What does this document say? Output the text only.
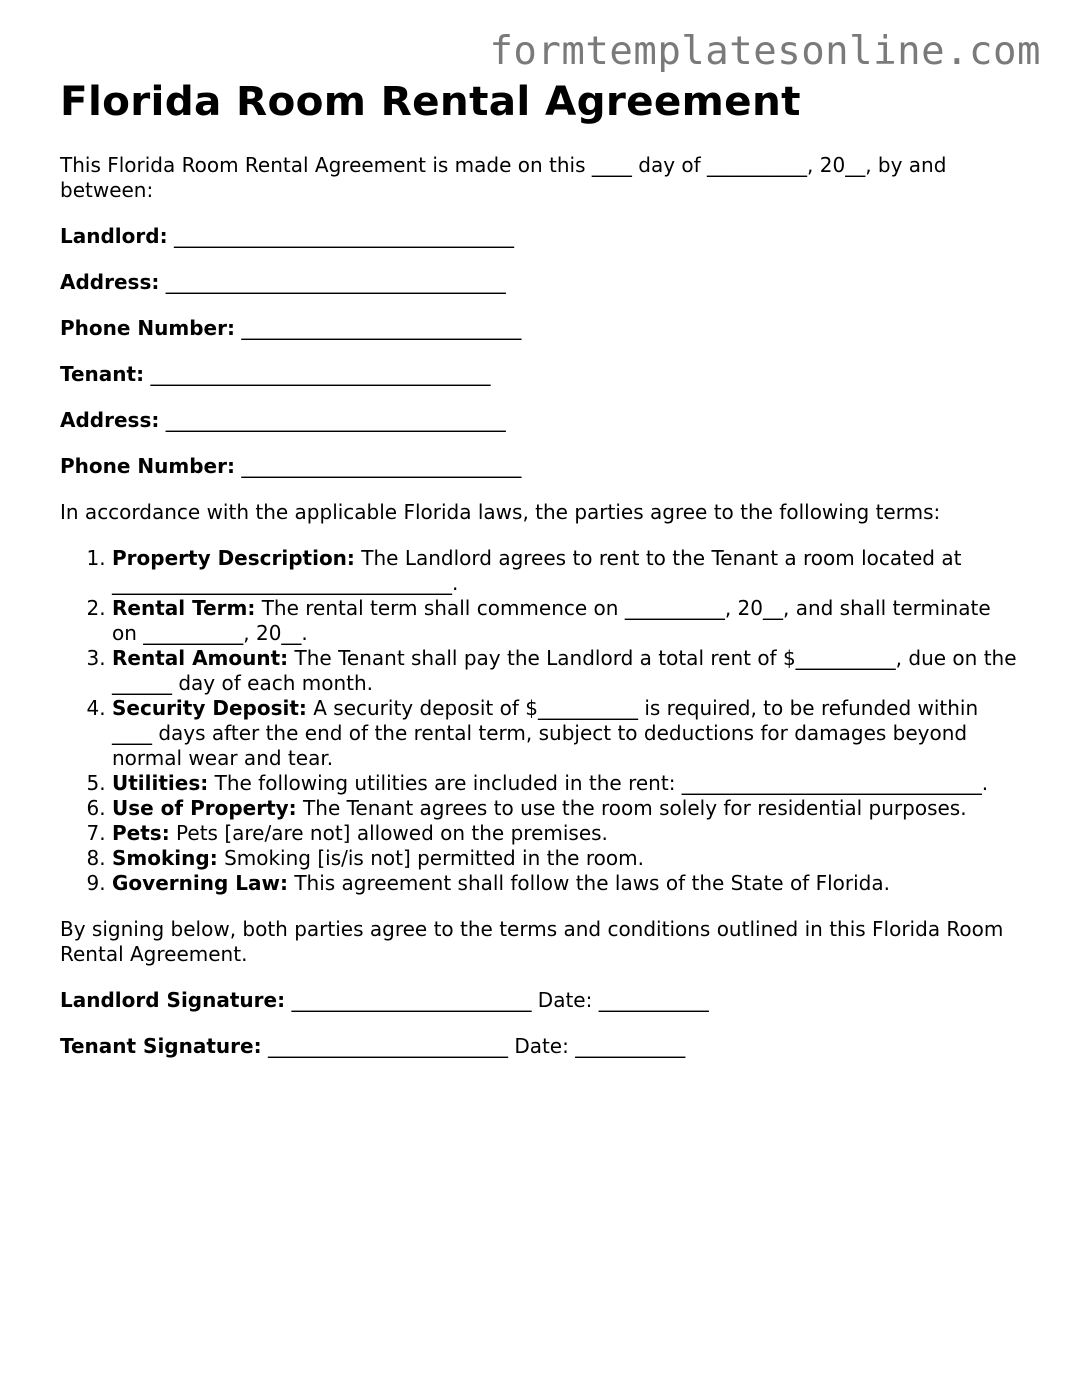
formtemplatesonline.com
Florida Room Rental Agreement

This Florida Room Rental Agreement is made on this ____ day of __________, 20__, by and between:

Landlord: __________________________________
Address: __________________________________
Phone Number: ____________________________
Tenant: __________________________________
Address: __________________________________
Phone Number: ____________________________

In accordance with the applicable Florida laws, the parties agree to the following terms:

1. Property Description: The Landlord agrees to rent to the Tenant a room located at __________________________________.
2. Rental Term: The rental term shall commence on __________, 20__, and shall terminate on __________, 20__.
3. Rental Amount: The Tenant shall pay the Landlord a total rent of $__________, due on the ______ day of each month.
4. Security Deposit: A security deposit of $__________ is required, to be refunded within ____ days after the end of the rental term, subject to deductions for damages beyond normal wear and tear.
5. Utilities: The following utilities are included in the rent: ______________________________.
6. Use of Property: The Tenant agrees to use the room solely for residential purposes.
7. Pets: Pets [are/are not] allowed on the premises.
8. Smoking: Smoking [is/is not] permitted in the room.
9. Governing Law: This agreement shall follow the laws of the State of Florida.

By signing below, both parties agree to the terms and conditions outlined in this Florida Room Rental Agreement.

Landlord Signature: ________________________ Date: ___________
Tenant Signature: ________________________ Date: ___________
